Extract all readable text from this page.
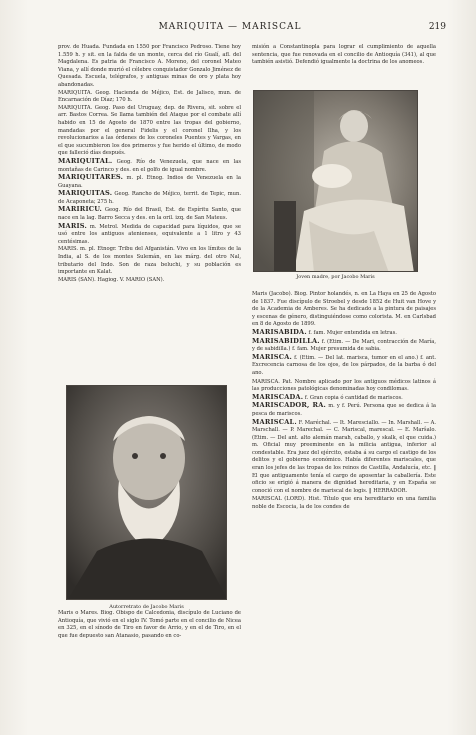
MARIQUITA — MARISCAL	219

prov. de Huada. Fundada en 1550 por Francisco Pedroso. Tiene hoy 1.559 h. y sit. en la falda de un monte, cerca del río Gualí, afl. del Magdalena. Es patria de Francisco A. Moreno, del coronel Mateo Viana, y allí donde murió el célebre conquistador Gonzalo Jiménez de Quesada. Escuela, telégrafos, y antiguas minas de oro y plata hoy abandonadas.

MARIQUITA. Geog. Hacienda de Méjico, Est. de Jalisco, mun. de Encarnación de Díaz; 170 h.

MARIQUITA. Geog. Paso del Uruguay, dep. de Rivera, sit. sobre el arr. Bastos Correa. Se llama también del Ataque por el combate allí habido en 15 de Agosto de 1870 entre las tropas del gobierno, mandadas por el general Fidelis y el coronel Ilha, y los revolucionarios a las órdenes de los coroneles Puentes y Vargas, en el que sucumbieron los dos primeros y fue herido el último, de modo que falleció días después.

MARIQUITAL. Geog. Río de Venezuela, que nace en las montañas de Carinco y des. en el golfo de igual nombre.

MARIQUITARES. m. pl. Etnog. Indios de Venezuela en la Guayana.

MARIQUITAS. Geog. Rancho de Méjico, territ. de Tepic, mun. de Acaponeta; 275 h.

MARIRICU. Geog. Río del Brasil, Est. de Espíritu Santo, que nace en la lag. Barro Secca y des. en la oril. izq. de San Mateus.

MARIS. m. Metrol. Medida de capacidad para líquidos, que se usó entre los antiguos atenienses, equivalente a 1 litro y 43 centésimas.

MARIS. m. pl. Etnogr. Tribu del Afganistán. Vivo en los límites de la India, al S. de los montes Sulemán, en las márg. del otro Nal, tributario del Indo. Son de raza beluchi, y su población es importante en Kalat.

MARIS (SAN). Hagiog. V. MARIO (SAN).

Maris o Mares. Biog. Obispo de Calcedonia, discípulo de Luciano de Antioquía, que vivió en el siglo IV. Tomó parte en el concilio de Nicea en 325, en el sínodo de Tiro en favor de Arrio, y en el de Tiro, en el que fue depuesto san Atanasio, pasando en co-

misión a Constantinopla para lograr el cumplimiento de aquella sentencia, que fue renovada en el concilio de Antioquía (341), al que también asistió. Defendió igualmente la doctrina de los anomeos.

Maris (Jacobo). Biog. Pintor holandés, n. en La Haya en 25 de Agosto de 1837. Fue discípulo de Stroebel y desde 1852 de Huit van Hove y de la Academia de Amberes. Se ha dedicado a la pintura de paisajes y escenas de género, distinguiéndose como colorista. M. en Carlsbad en 8 de Agosto de 1899.

MARISABIDA. f. fam. Mujer entendida en letras.

MARISABIDILLA. f. (Etim. — De Mari, contracción de María, y de sabidilla.) f. fam. Mujer presumida de sabia.

MARISCA. f. (Etim. — Del lat. marisca, tumor en el ano.) f. ant. Excrecencia carnosa de los ojos, de los párpados, de la barba ó del ano.

MARISCA. Pat. Nombre aplicado por los antiguos médicos latinos á las producciones patológicas denominadas hoy condilomas.

MARISCADA. f. Gran copia ó cantidad de mariscos.

MARISCADOR, RA. m. y f. Perú. Persona que se dedica á la pesca de mariscos.

MARISCAL. F. Maréchal. — It. Maresciallo. — In. Marshall. — A. Marschall. — P. Marechal. — C. Mariscal, marescal. — E. Marŝalo. (Etim. — Del ant. alto alemán marah, caballo, y skalk, el que cuida.) m. Oficial muy preeminente en la milicia antigua, inferior al condestable. Era juez del ejército, estaba á su cargo el castigo de los delitos y el gobierno económico. Había diferentes mariscales, que eran los jefes de las tropas de los reinos de Castilla, Andalucía, etc. ‖ El que antiguamente tenía el cargo de aposentar la caballería. Este oficio se erigió á manera de dignidad hereditaria, y en España se conoció con el nombre de mariscal de logis. ‖ HERRADOR.

MARISCAL (LORD). Hist. Título que era hereditario en una familia noble de Escocia, la de los condes de

Joven madre, por Jacobo Maris
Autorretrato de Jacobo Maris
